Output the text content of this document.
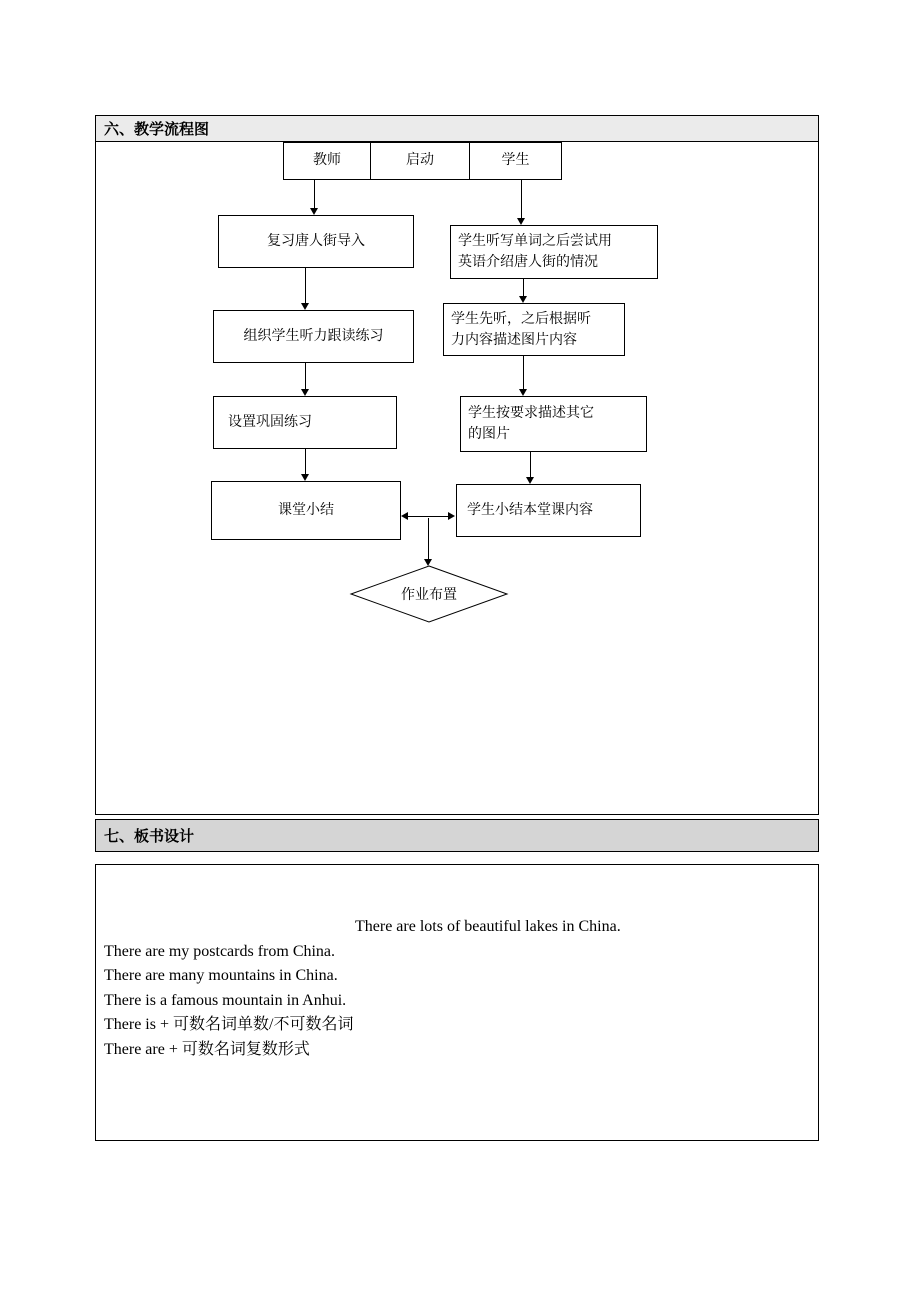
六、教学流程图
教师	启动	学生
复习唐人街导入
组织学生听力跟读练习
设置巩固练习
课堂小结
学生听写单词之后尝试用
英语介绍唐人街的情况
学生先听，之后根据听
力内容描述图片内容
学生按要求描述其它
的图片
学生小结本堂课内容
作业布置
七、板书设计
There are lots of beautiful lakes in China.
There are my postcards from China.
There are many mountains in China.
There is a famous mountain in Anhui.
There is + 可数名词单数/不可数名词
There are + 可数名词复数形式
